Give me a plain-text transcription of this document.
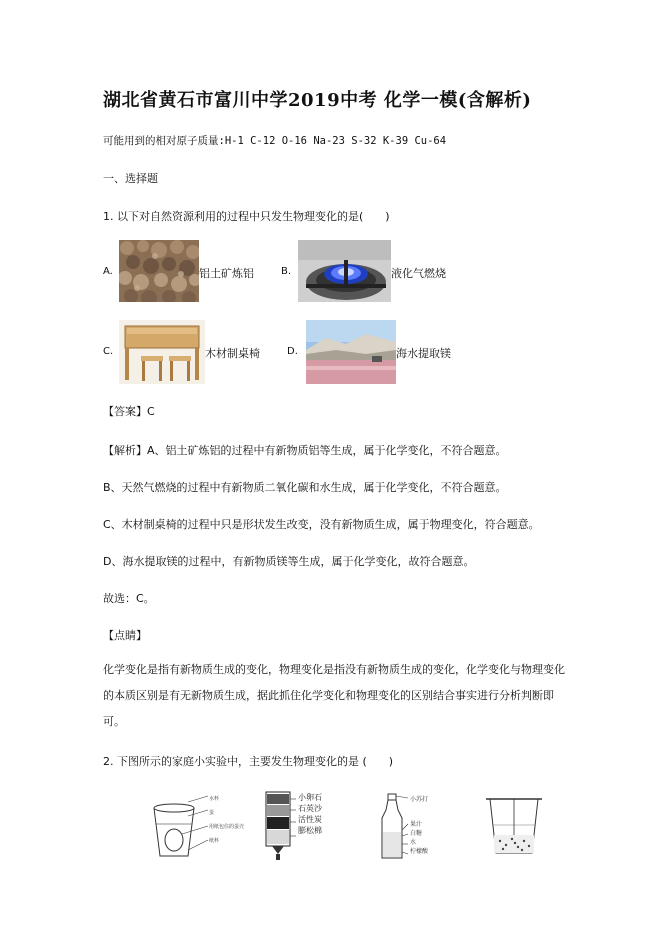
湖北省黄石市富川中学2019中考 化学一模(含解析)
可能用到的相对原子质量:H-1 C-12 O-16 Na-23 S-32 K-39 Cu-64
一、选择题
1. 以下对自然资源利用的过程中只发生物理变化的是(　　)
A.	铝土矿炼铝	B.	液化气燃烧
C.	木材制桌椅	D.	海水提取镁
【答案】C
【解析】A、铝土矿炼铝的过程中有新物质铝等生成，属于化学变化，不符合题意。
B、天然气燃烧的过程中有新物质二氧化碳和水生成，属于化学变化，不符合题意。
C、木材制桌椅的过程中只是形状发生改变，没有新物质生成，属于物理变化，符合题意。
D、海水提取镁的过程中，有新物质镁等生成，属于化学变化，故符合题意。
故选：C。
【点睛】
化学变化是指有新物质生成的变化，物理变化是指没有新物质生成的变化，化学变化与物理变化的本质区别是有无新物质生成，据此抓住化学变化和物理变化的区别结合事实进行分析判断即可。
2. 下图所示的家庭小实验中，主要发生物理变化的是 (　　)
水杯
蛋
用纸包住的蛋壳
纸杯
小卵石
石英沙
活性炭
膨松棉
小苏打
果汁
白糖
水
柠檬酸
